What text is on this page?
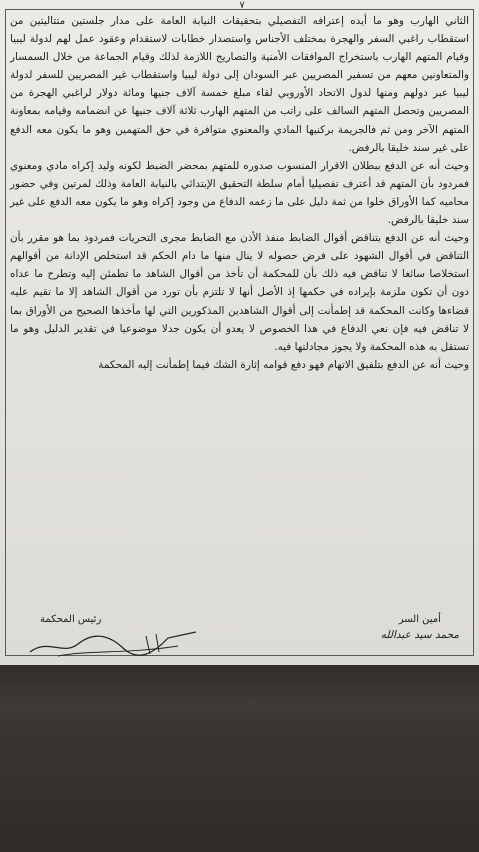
٧

الثاني الهارب وهو ما أيده إعترافه التفصيلي بتحقيقات النيابة العامة على مدار جلستين متتاليتين من استقطاب راغبي السفر والهجرة بمختلف الأجناس واستصدار خطابات لاستقدام وعقود عمل لهم لدولة ليبيا وقيام المتهم الهارب باستخراج الموافقات الأمنية والتصاريح اللازمة لذلك وقيام الجماعة من خلال السمسار والمتعاونين معهم من تسفير المصريين عبر السودان إلى دولة ليبيا واستقطاب غير المصريين للسفر لدولة ليبيا عبر دولهم ومنها لدول الاتحاد الأوروبي لقاء مبلغ خمسة آلاف جنيها ومائة دولار لراغبي الهجرة من المصريين وتحصل المتهم السالف على راتب من المتهم الهارب ثلاثة آلاف جنيها عن انضمامه وقيامه بمعاونة المتهم الآخر ومن ثم فالجريمة بركنيها المادي والمعنوي متوافرة في حق المتهمين وهو ما يكون معه الدفع على غير سند خليقا بالرفض.

وحيث أنه عن الدفع ببطلان الاقرار المنسوب صدوره للمتهم بمحضر الضبط لكونه وليد إكراه مادي ومعنوي فمردود بأن المتهم قد أعترف تفصيليا أمام سلطة التحقيق الإبتدائي بالنيابة العامة وذلك لمرتين وفي حضور محاميه كما الأوراق خلوا من ثمة دليل على ما زعمه الدفاع من وجود إكراه وهو ما يكون معه الدفع على غير سند خليقا بالرفض.

وحيث أنه عن الدفع بتناقض أقوال الضابط منفذ الأذن مع الضابط مجرى التحريات فمردود بما هو مقرر بأن التناقض في أقوال الشهود على فرض حصوله لا ينال منها ما دام الحكم قد استخلص الإدانة من أقوالهم استخلاصا سائغا لا تناقض فيه ذلك بأن للمحكمة أن تأخذ من أقوال الشاهد ما تطمئن إليه وتطرح ما عداه دون أن تكون ملزمة بإيراده في حكمها إذ الأصل أنها لا تلتزم بأن تورد من أقوال الشاهد إلا ما تقيم عليه قضاءها وكانت المحكمة قد إطمأنت إلى أقوال الشاهدين المذكورين التي لها مأخذها الصحيح من الأوراق بما لا تناقض فيه فإن نعي الدفاع في هذا الخصوص لا يعدو أن يكون جدلا موضوعيا في تقدير الدليل وهو ما تستقل به هذه المحكمة ولا يجوز مجادلتها فيه.

وحيث أنه عن الدفع بتلفيق الاتهام فهو دفع قوامه إثارة الشك فيما إطمأنت إليه المحكمة

أمين السر
محمد سيد عبدالله
رئيس المحكمة
